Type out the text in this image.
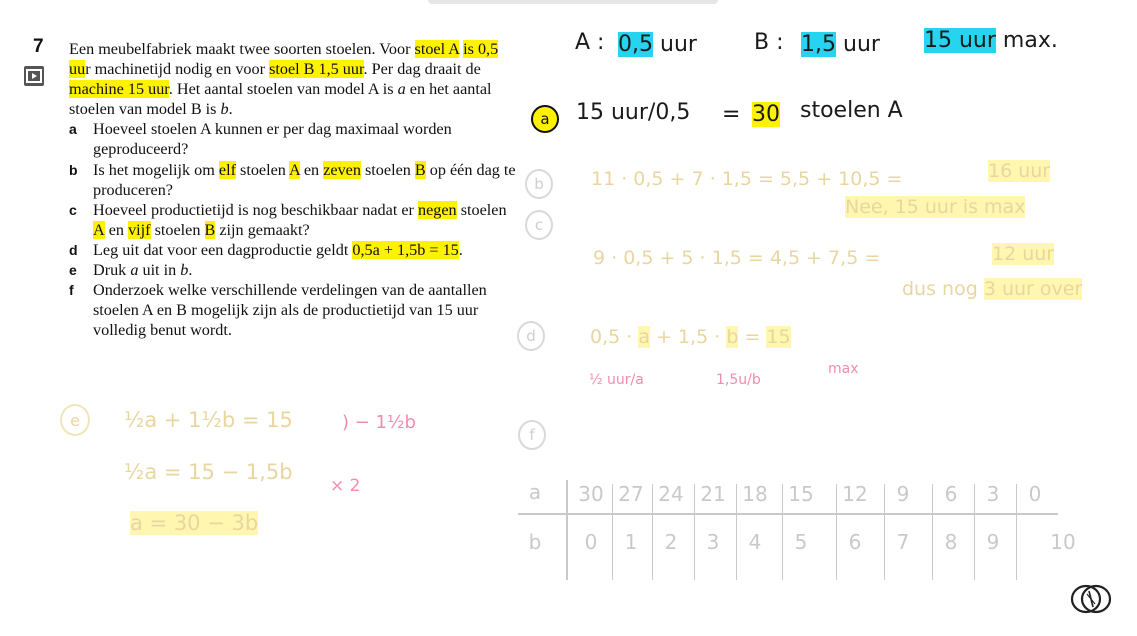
7 Een meubelfabriek maakt twee soorten stoelen. Voor stoel A is 0,5 uur machinetijd nodig en voor stoel B 1,5 uur. Per dag draait de machine 15 uur. Het aantal stoelen van model A is a en het aantal stoelen van model B is b.

a	Hoeveel stoelen A kunnen er per dag maximaal worden geproduceerd?
b Is het mogelijk om elf stoelen A en zeven stoelen B op één dag te produceren?
c	Hoeveel productietijd is nog beschikbaar nadat er negen stoelen A en vijf stoelen B zijn gemaakt?
d Leg uit dat voor een dagproductie geldt 0,5a + 1,5b = 15.
e	Druk a uit in b.
f	Onderzoek welke verschillende verdelingen van de aantallen stoelen A en B mogelijk zijn als de productietijd van 15 uur volledig benut wordt.
A : 0,5 uur	B : 1,5 uur 15 uur max.
a	15 uur/0,5 = 30 stoelen A
b	11 · 0,5 + 7 · 1,5 = 5,5 + 10,5 =	16 uur
Nee, 15 uur is max
c
9 · 0,5 + 5 · 1,5 = 4,5 + 7,5 =	12 uur
dus nog 3 uur over
d	0,5 · a + 1,5 · b = 15
½ uur/a	1,5u/b
max
e	½a + 1½b = 15	) − 1½b
½a = 15 − 1,5b
× 2
a = 30 − 3b
f
a
b
30 27 24 21 18 15 12	9	6	3	0
0	1	2	3	4	5	6	7	8	9	10
